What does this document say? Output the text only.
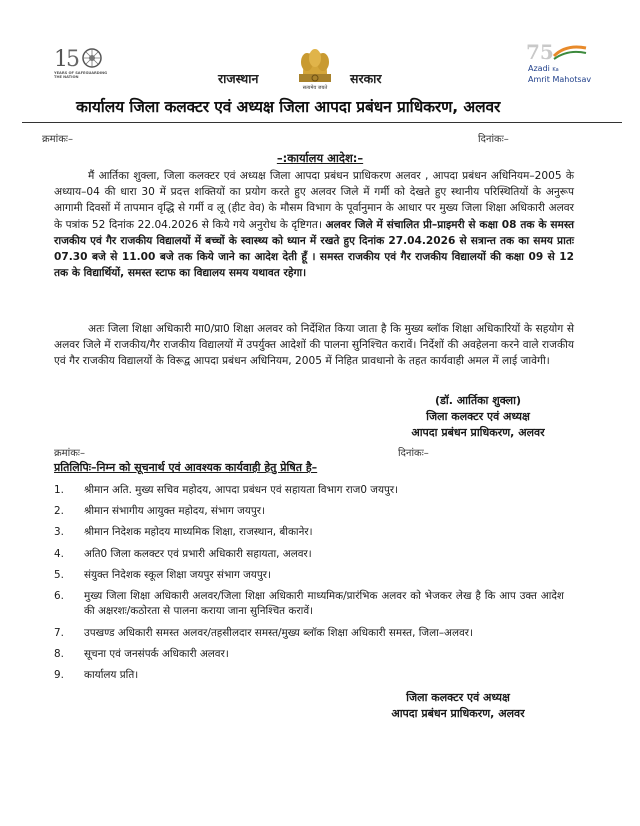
1
5
YEARS OF SAFEGUARDING THE NATION
सत्यमेव जयते
75
Azadi Ka
Amrit Mahotsav
राजस्थान	सरकार
कार्यालय जिला कलक्टर एवं अध्यक्ष जिला आपदा प्रबंधन प्राधिकरण, अलवर
क्रमांकः–	दिनांकः–
–:कार्यालय आदेश:–
मैं आर्तिका शुक्ला, जिला कलक्टर एवं अध्यक्ष जिला आपदा प्रबंधन प्राधिकरण अलवर , आपदा प्रबंधन अधिनियम–2005 के अध्याय–04 की धारा 30 में प्रदत्त शक्तियों का प्रयोग करते हुए अलवर जिले में गर्मी को देखते हुए स्थानीय परिस्थितियों के अनुरूप आगामी दिवसों में तापमान वृद्धि से गर्मी व लू (हीट वेव) के मौसम विभाग के पूर्वानुमान के आधार पर मुख्य जिला शिक्षा अधिकारी अलवर के पत्रांक 52 दिनांक 22.04.2026 से किये गये अनुरोध के दृष्टिगत। अलवर जिले में संचालित प्री–प्राइमरी से कक्षा 08 तक के समस्त राजकीय एवं गैर राजकीय विद्यालयों में बच्चों के स्वास्थ्य को ध्यान में रखते हुए दिनांक 27.04.2026 से सत्रान्त तक का समय प्रातः 07.30 बजे से 11.00 बजे तक किये जाने का आदेश देती हूँ । समस्त राजकीय एवं गैर राजकीय विद्यालयों की कक्षा 09 से 12 तक के विद्यार्थियों, समस्त स्टाफ का विद्यालय समय यथावत रहेगा।
अतः जिला शिक्षा अधिकारी मा0/प्रा0 शिक्षा अलवर को निर्देशित किया जाता है कि मुख्य ब्लॉक शिक्षा अधिकारियों के सहयोग से अलवर जिले में राजकीय/गैर राजकीय विद्यालयों में उपर्युक्त आदेशों की पालना सुनिश्चित करावें। निर्देशों की अवहेलना करने वाले राजकीय एवं गैर राजकीय विद्यालयों के विरूद्व आपदा प्रबंधन अधिनियम, 2005 में निहित प्रावधानो के तहत कार्यवाही अमल में लाई जावेगी।
(डॉ. आर्तिका शुक्ला)
जिला कलक्टर एवं अध्यक्ष
आपदा प्रबंधन प्राधिकरण, अलवर
क्रमांकः–	दिनांकः–
प्रतिलिपिः–निम्न को सूचनार्थ एवं आवश्यक कार्यवाही हेतु प्रेषित है–
1.	श्रीमान अति. मुख्य सचिव महोदय, आपदा प्रबंधन एवं सहायता विभाग राज0 जयपुर।
2.	श्रीमान संभागीय आयुक्त महोदय, संभाग जयपुर।
3.	श्रीमान निदेशक महोदय माध्यमिक शिक्षा, राजस्थान, बीकानेर।
4.	अति0 जिला कलक्टर एवं प्रभारी अधिकारी सहायता, अलवर।
5.	संयुक्त निदेशक स्कूल शिक्षा जयपुर संभाग जयपुर।
6.	मुख्य जिला शिक्षा अधिकारी अलवर/जिला शिक्षा अधिकारी माध्यमिक/प्रारंभिक अलवर को भेजकर लेख है कि आप उक्त आदेश की अक्षरशः/कठोरता से पालना कराया जाना सुनिश्चित करावें।
7.	उपखण्ड अधिकारी समस्त अलवर/तहसीलदार समस्त/मुख्य ब्लॉक शिक्षा अधिकारी समस्त, जिला–अलवर।
8.	सूचना एवं जनसंपर्क अधिकारी अलवर।
9.	कार्यालय प्रति।
जिला कलक्टर एवं अध्यक्ष
आपदा प्रबंधन प्राधिकरण, अलवर
